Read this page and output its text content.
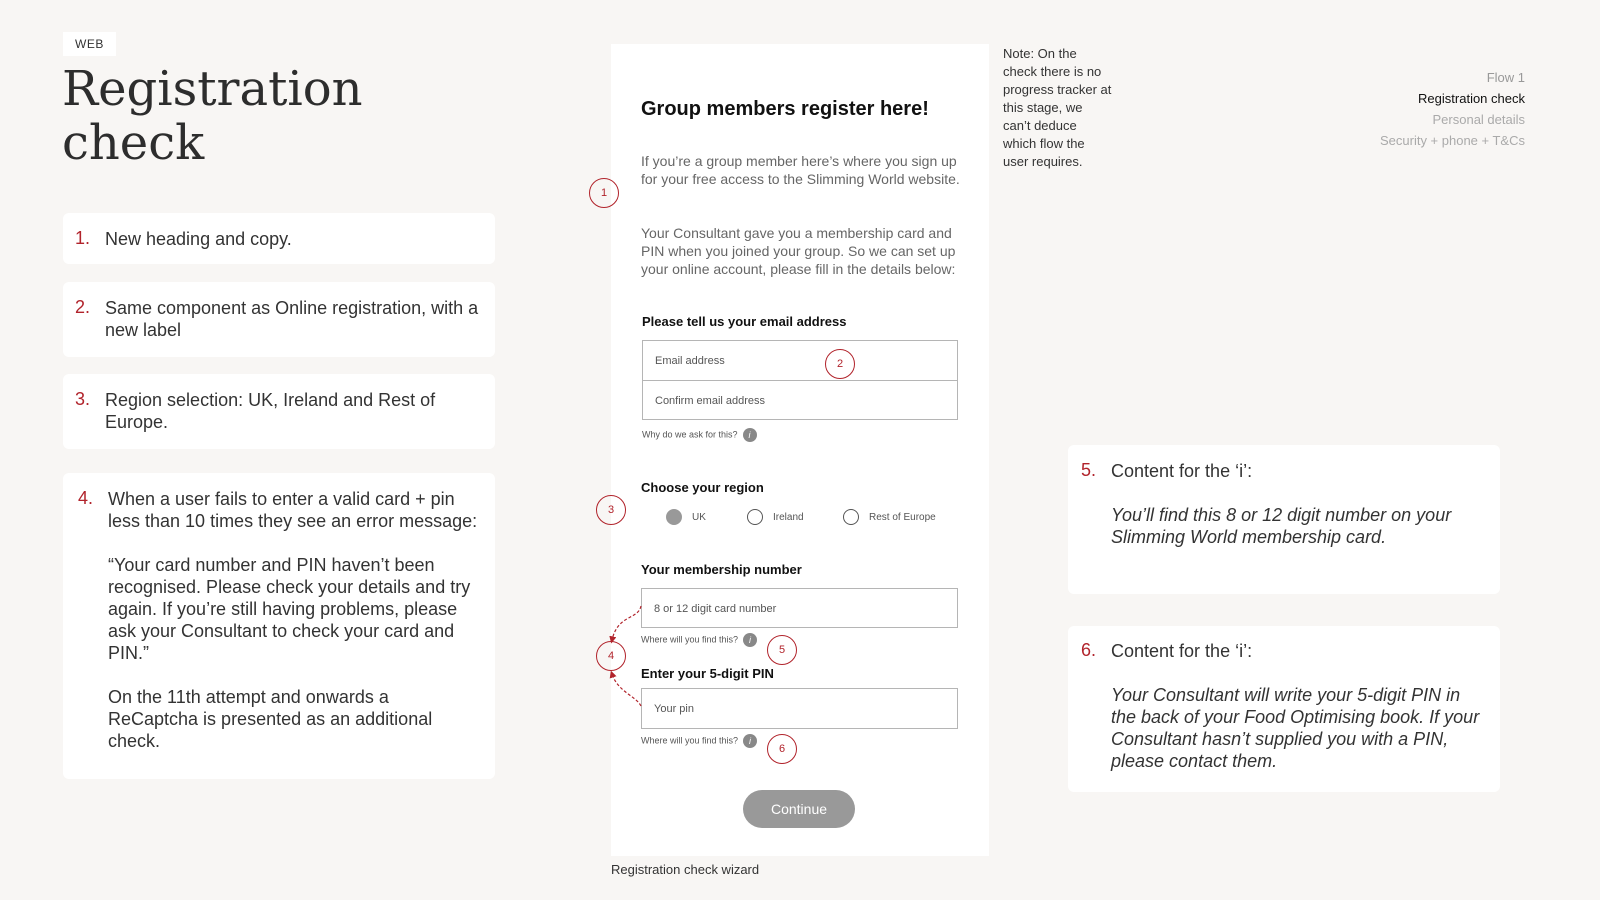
WEB
Registration check
1. New heading and copy.
2. Same component as Online registration, with a new label
3. Region selection: UK, Ireland and Rest of Europe.
4. When a user fails to enter a valid card + pin less than 10 times they see an error message:
“Your card number and PIN haven’t been recognised. Please check your details and try again. If you’re still having problems, please ask your Consultant to check your card and PIN.”
On the 11th attempt and onwards a ReCaptcha is presented as an additional check.
Group members register here!
If you’re a group member here’s where you sign up for your free access to the Slimming World website.
Your Consultant gave you a membership card and PIN when you joined your group. So we can set up your online account, please fill in the details below:
Please tell us your email address
Email address
Confirm email address
Why do we ask for this? i
Choose your region
UK	Ireland	Rest of Europe
Your membership number
8 or 12 digit card number
Where will you find this? i
Enter your 5-digit PIN
Your pin
Where will you find this? i
Continue
1
2
3
4	5
6
Note: On the check there is no progress tracker at this stage, we can’t deduce which flow the user requires.
Flow 1
Registration check
Personal details
Security + phone + T&Cs
5. Content for the ‘i’:
You’ll find this 8 or 12 digit number on your Slimming World membership card.
6. Content for the ‘i’:
Your Consultant will write your 5-digit PIN in the back of your Food Optimising book. If your Consultant hasn’t supplied you with a PIN, please contact them.
Registration check wizard
